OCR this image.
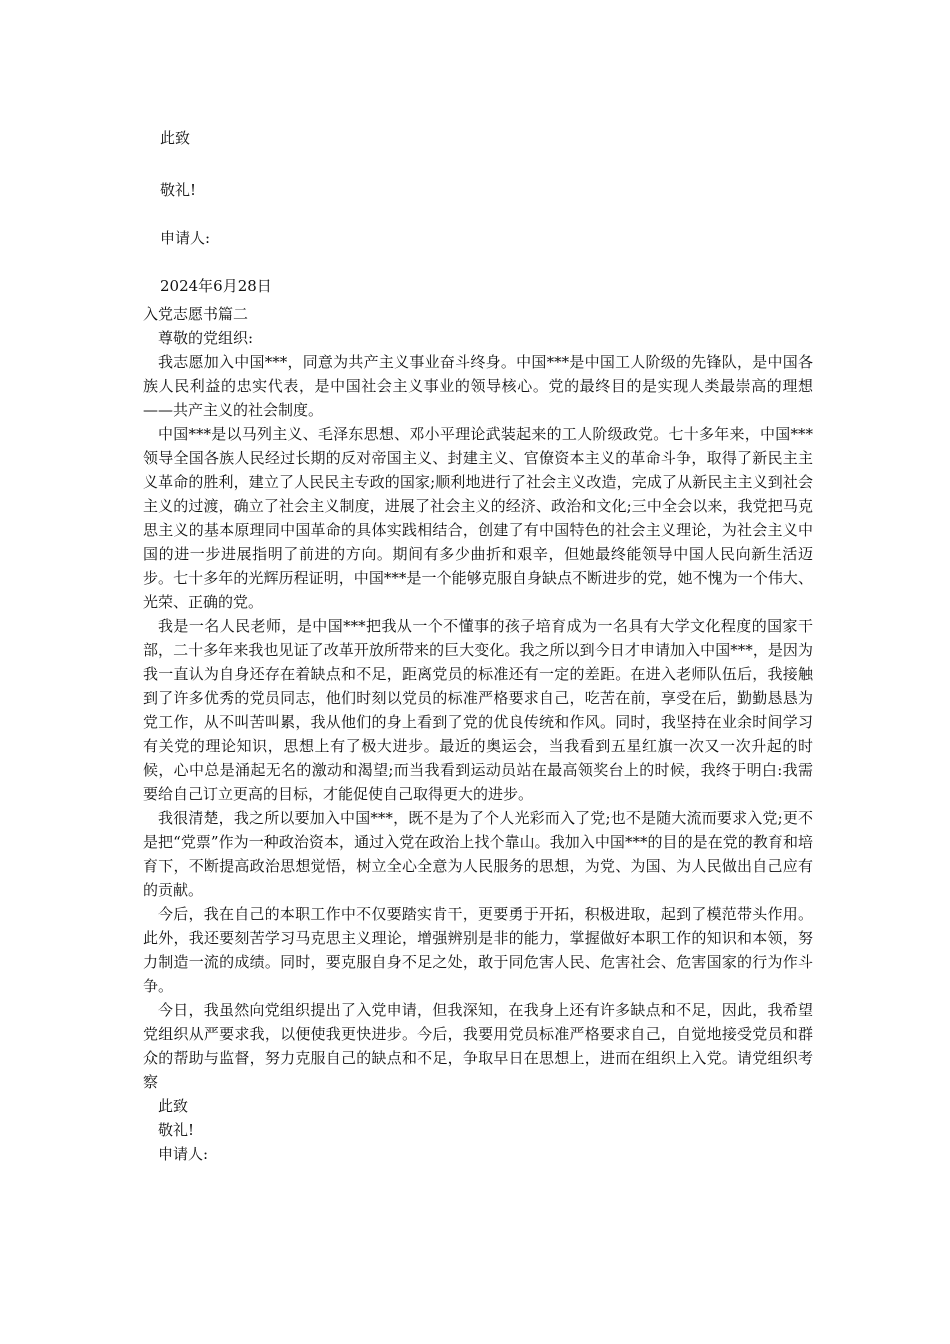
此致
敬礼!
申请人:
2024年6月28日

入党志愿书篇二

尊敬的党组织:

我志愿加入中国***，同意为共产主义事业奋斗终身。中国***是中国工人阶级的先锋队，是中国各族人民利益的忠实代表，是中国社会主义事业的领导核心。党的最终目的是实现人类最崇高的理想——共产主义的社会制度。

中国***是以马列主义、毛泽东思想、邓小平理论武装起来的工人阶级政党。七十多年来，中国***领导全国各族人民经过长期的反对帝国主义、封建主义、官僚资本主义的革命斗争，取得了新民主主义革命的胜利，建立了人民民主专政的国家;顺利地进行了社会主义改造，完成了从新民主主义到社会主义的过渡，确立了社会主义制度，进展了社会主义的经济、政治和文化;三中全会以来，我党把马克思主义的基本原理同中国革命的具体实践相结合，创建了有中国特色的社会主义理论，为社会主义中国的进一步进展指明了前进的方向。期间有多少曲折和艰辛，但她最终能领导中国人民向新生活迈步。七十多年的光辉历程证明，中国***是一个能够克服自身缺点不断进步的党，她不愧为一个伟大、光荣、正确的党。

我是一名人民老师，是中国***把我从一个不懂事的孩子培育成为一名具有大学文化程度的国家干部，二十多年来我也见证了改革开放所带来的巨大变化。我之所以到今日才申请加入中国***，是因为我一直认为自身还存在着缺点和不足，距离党员的标准还有一定的差距。在进入老师队伍后，我接触到了许多优秀的党员同志，他们时刻以党员的标准严格要求自己，吃苦在前，享受在后，勤勤恳恳为党工作，从不叫苦叫累，我从他们的身上看到了党的优良传统和作风。同时，我坚持在业余时间学习有关党的理论知识，思想上有了极大进步。最近的奥运会，当我看到五星红旗一次又一次升起的时候，心中总是涌起无名的激动和渴望;而当我看到运动员站在最高领奖台上的时候，我终于明白:我需要给自己订立更高的目标，才能促使自己取得更大的进步。

我很清楚，我之所以要加入中国***，既不是为了个人光彩而入了党;也不是随大流而要求入党;更不是把“党票”作为一种政治资本，通过入党在政治上找个靠山。我加入中国***的目的是在党的教育和培育下，不断提高政治思想觉悟，树立全心全意为人民服务的思想，为党、为国、为人民做出自己应有的贡献。

今后，我在自己的本职工作中不仅要踏实肯干，更要勇于开拓，积极进取，起到了模范带头作用。此外，我还要刻苦学习马克思主义理论，增强辨别是非的能力，掌握做好本职工作的知识和本领，努力制造一流的成绩。同时，要克服自身不足之处，敢于同危害人民、危害社会、危害国家的行为作斗争。

今日，我虽然向党组织提出了入党申请，但我深知，在我身上还有许多缺点和不足，因此，我希望党组织从严要求我，以便使我更快进步。今后，我要用党员标准严格要求自己，自觉地接受党员和群众的帮助与监督，努力克服自己的缺点和不足，争取早日在思想上，进而在组织上入党。请党组织考察

此致

敬礼!

申请人:
